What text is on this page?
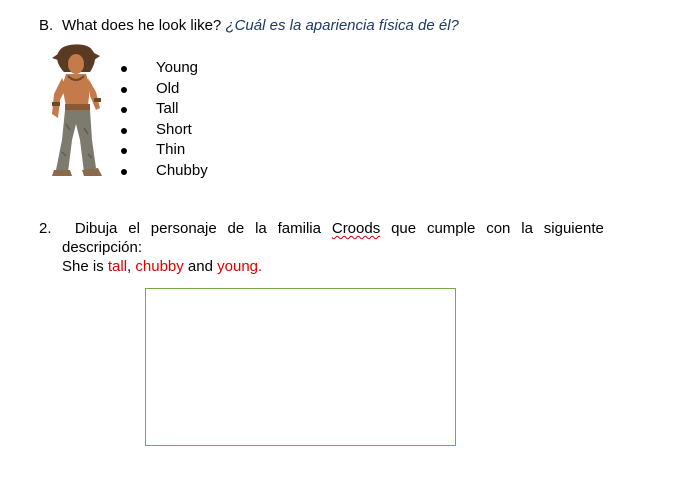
B. What does he look like? ¿Cuál es la apariencia física de él?
Young
Old
Tall
Short
Thin
Chubby
2.	Dibuja el personaje de la familia Croods que cumple con la siguiente
descripción:
She is tall, chubby and young.
